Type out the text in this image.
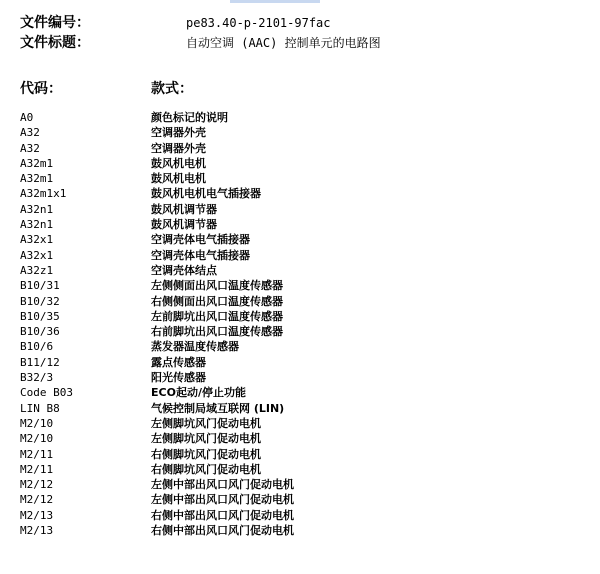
文件编号：	pe83.40-p-2101-97fac
文件标题：	自动空调 (AAC) 控制单元的电路图
代码：	款式：
A0	颜色标记的说明
A32	空调器外壳
A32	空调器外壳
A32m1	鼓风机电机
A32m1	鼓风机电机
A32m1x1	鼓风机电机电气插接器
A32n1	鼓风机调节器
A32n1	鼓风机调节器
A32x1	空调壳体电气插接器
A32x1	空调壳体电气插接器
A32z1	空调壳体结点
B10/31	左侧侧面出风口温度传感器
B10/32	右侧侧面出风口温度传感器
B10/35	左前脚坑出风口温度传感器
B10/36	右前脚坑出风口温度传感器
B10/6	蒸发器温度传感器
B11/12	露点传感器
B32/3	阳光传感器
Code B03	ECO起动/停止功能
LIN B8	气候控制局域互联网 (LIN)
M2/10	左侧脚坑风门促动电机
M2/10	左侧脚坑风门促动电机
M2/11	右侧脚坑风门促动电机
M2/11	右侧脚坑风门促动电机
M2/12	左侧中部出风口风门促动电机
M2/12	左侧中部出风口风门促动电机
M2/13	右侧中部出风口风门促动电机
M2/13	右侧中部出风口风门促动电机
